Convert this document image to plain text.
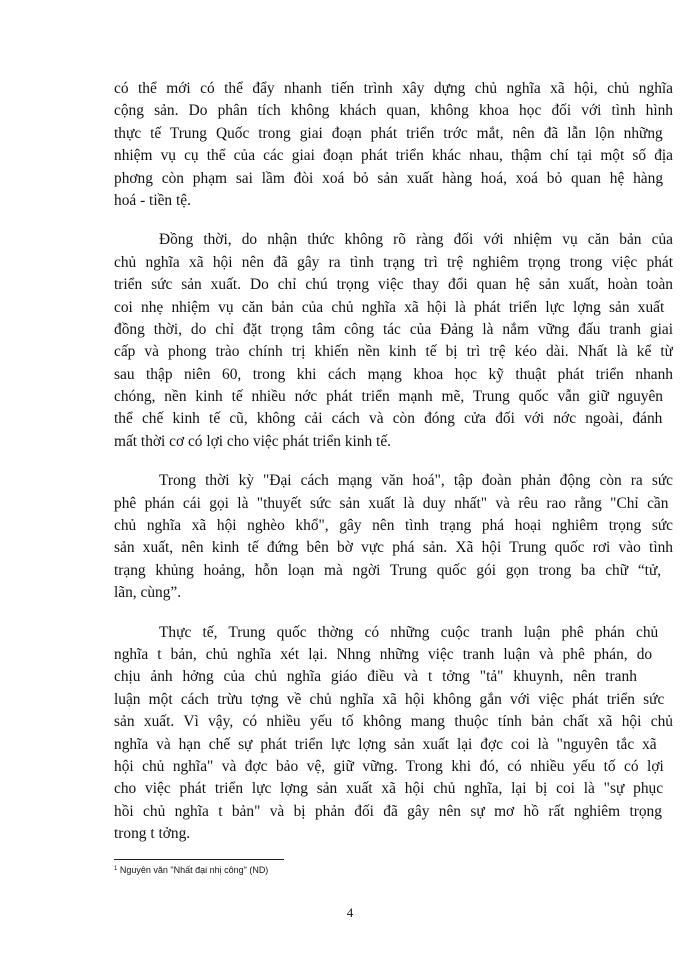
có thể mới có thể đẩy nhanh tiến trình xây dựng chủ nghĩa xã hội, chủ nghĩa
cộng sản. Do phân tích không khách quan, không khoa học đối với tình hình
thực tế Trung Quốc trong giai đoạn phát triển trớc mắt, nên đã lẫn lộn những
nhiệm vụ cụ thể của các giai đoạn phát triển khác nhau, thậm chí tại một số địa
phơng còn phạm sai lầm đòi xoá bỏ sản xuất hàng hoá, xoá bỏ quan hệ hàng
hoá - tiền tệ.
Đồng thời, do nhận thức không rõ ràng đối với nhiệm vụ căn bản của
chủ nghĩa xã hội nên đã gây ra tình trạng trì trệ nghiêm trọng trong việc phát
triển sức sản xuất. Do chỉ chú trọng việc thay đổi quan hệ sản xuất, hoàn toàn
coi nhẹ nhiệm vụ căn bản của chủ nghĩa xã hội là phát triển lực lợng sản xuất
đồng thời, do chỉ đặt trọng tâm công tác của Đảng là nắm vững đấu tranh giai
cấp và phong trào chính trị khiến nền kinh tế bị trì trệ kéo dài. Nhất là kể từ
sau thập niên 60, trong khi cách mạng khoa học kỹ thuật phát triển nhanh
chóng, nền kinh tế nhiều nớc phát triển mạnh mẽ, Trung quốc vẫn giữ nguyên
thể chế kinh tế cũ, không cải cách và còn đóng cửa đối với nớc ngoài, đánh
mất thời cơ có lợi cho việc phát triển kinh tế.
Trong thời kỳ "Đại cách mạng văn hoá", tập đoàn phản động còn ra sức
phê phán cái gọi là "thuyết sức sản xuất là duy nhất" và rêu rao rằng "Chỉ cần
chủ nghĩa xã hội nghèo khổ", gây nên tình trạng phá hoại nghiêm trọng sức
sản xuất, nên kinh tế đứng bên bờ vực phá sản. Xã hội Trung quốc rơi vào tình
trạng khủng hoảng, hỗn loạn mà ngời Trung quốc gói gọn trong ba chữ “tử,
lãn, cùng”.
Thực tế, Trung quốc thờng có những cuộc tranh luận phê phán chủ
nghĩa t bản, chủ nghĩa xét lại. Nhng những việc tranh luận và phê phán, do
chịu ảnh hởng của chủ nghĩa giáo điều và t tởng "tả" khuynh, nên tranh
luận một cách trừu tợng về chủ nghĩa xã hội không gắn với việc phát triển sức
sản xuất. Vì vậy, có nhiều yếu tố không mang thuộc tính bản chất xã hội chủ
nghĩa và hạn chế sự phát triển lực lợng sản xuất lại đợc coi là "nguyên tắc xã
hội chủ nghĩa" và đợc bảo vệ, giữ vững. Trong khi đó, có nhiều yếu tố có lợi
cho việc phát triển lực lợng sản xuất xã hội chủ nghĩa, lại bị coi là "sự phục
hồi chủ nghĩa t bản" và bị phản đối đã gây nên sự mơ hồ rất nghiêm trọng
trong t tởng.
$^1$ Nguyên văn "Nhất đại nhị công" (ND)
4
